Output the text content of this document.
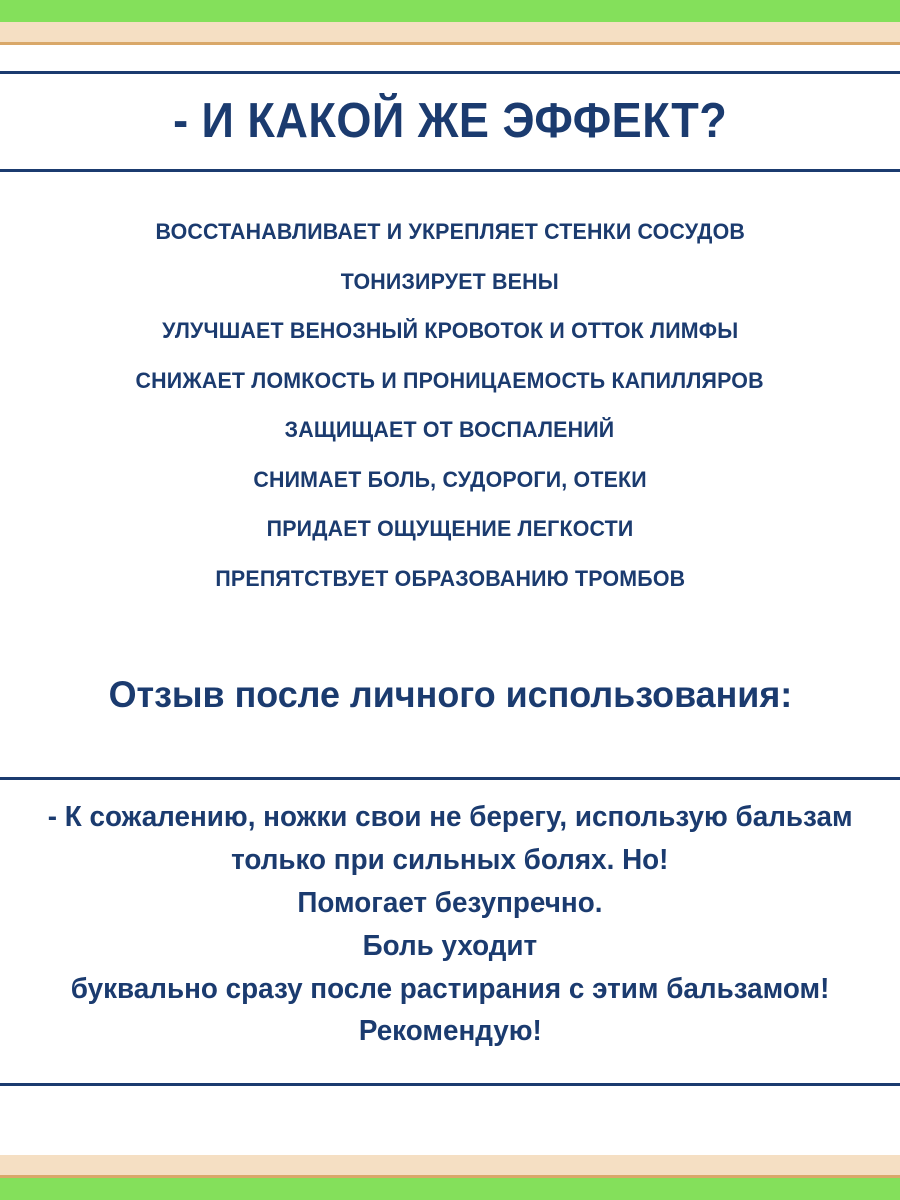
- И КАКОЙ ЖЕ ЭФФЕКТ?
ВОССТАНАВЛИВАЕТ И УКРЕПЛЯЕТ СТЕНКИ СОСУДОВ
ТОНИЗИРУЕТ ВЕНЫ
УЛУЧШАЕТ ВЕНОЗНЫЙ КРОВОТОК И ОТТОК ЛИМФЫ
СНИЖАЕТ ЛОМКОСТЬ И ПРОНИЦАЕМОСТЬ КАПИЛЛЯРОВ
ЗАЩИЩАЕТ ОТ ВОСПАЛЕНИЙ
СНИМАЕТ БОЛЬ, СУДОРОГИ, ОТЕКИ
ПРИДАЕТ ОЩУЩЕНИЕ ЛЕГКОСТИ
ПРЕПЯТСТВУЕТ ОБРАЗОВАНИЮ ТРОМБОВ
Отзыв после личного использования:
- К сожалению, ножки свои не берегу, использую бальзам
только при сильных болях. Но!
Помогает безупречно.
Боль уходит
буквально сразу после растирания с этим бальзамом!
Рекомендую!
